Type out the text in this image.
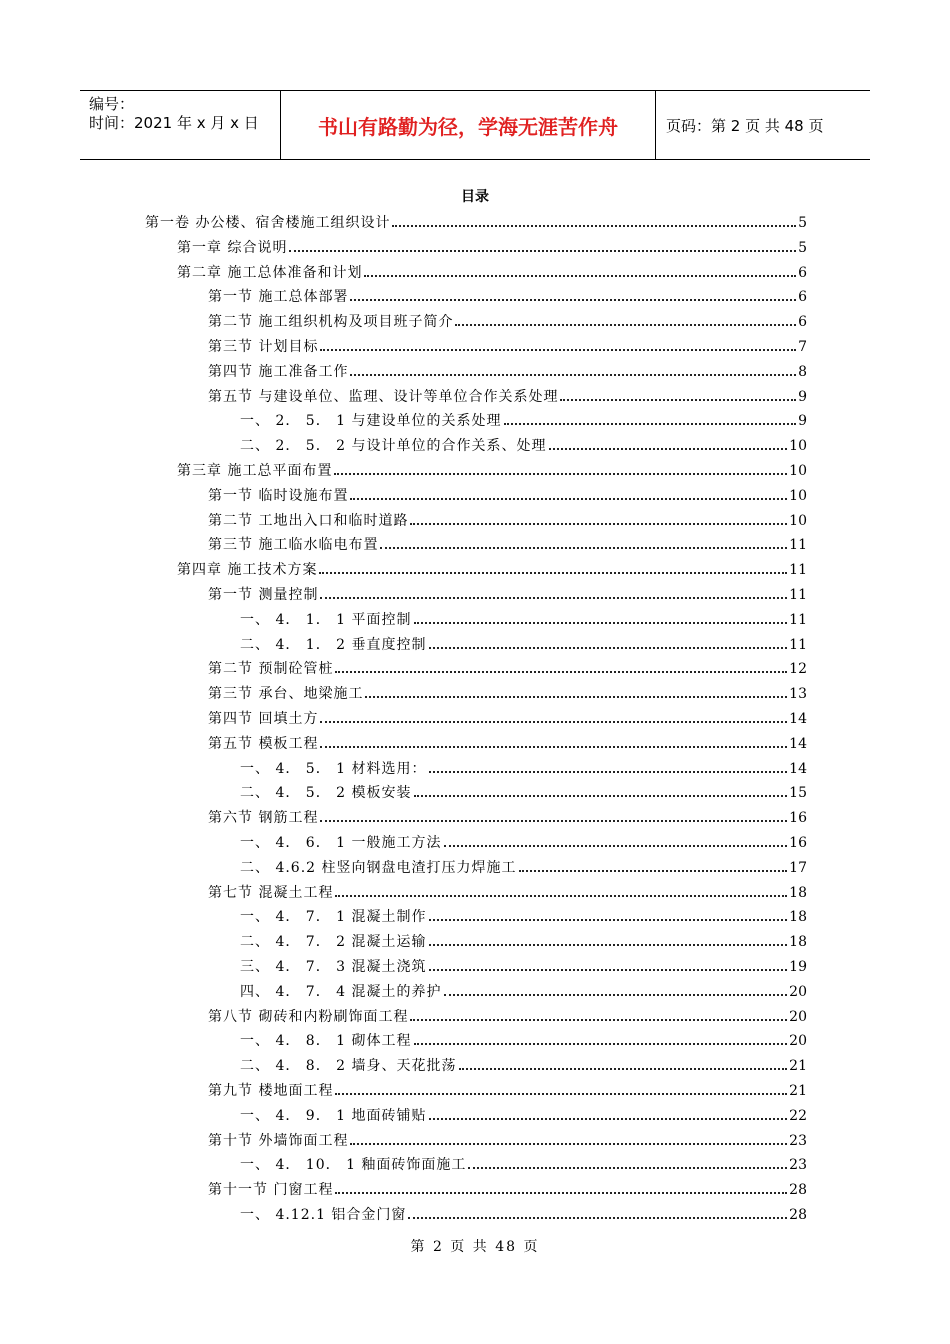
编号：
时间：2021 年 x 月 x 日	书山有路勤为径，学海无涯苦作舟	页码：第 2 页 共 48 页
目录
第一卷 办公楼、宿舍楼施工组织设计	5
第一章 综合说明	5
第二章 施工总体准备和计划	6
第一节 施工总体部署	6
第二节 施工组织机构及项目班子简介	6
第三节 计划目标	7
第四节 施工准备工作	8
第五节 与建设单位、监理、设计等单位合作关系处理	9
一、 2． 5． 1 与建设单位的关系处理	9
二、 2． 5． 2 与设计单位的合作关系、处理	10
第三章 施工总平面布置	10
第一节 临时设施布置	10
第二节 工地出入口和临时道路	10
第三节 施工临水临电布置	11
第四章 施工技术方案	11
第一节 测量控制	11
一、 4． 1． 1 平面控制	11
二、 4． 1． 2 垂直度控制	11
第二节 预制砼管桩	12
第三节 承台、地梁施工	13
第四节 回填土方	14
第五节 模板工程	14
一、 4． 5． 1 材料选用：	14
二、 4． 5． 2 模板安装	15
第六节 钢筋工程	16
一、 4． 6． 1 一般施工方法	16
二、 4.6.2 柱竖向钢盘电渣打压力焊施工	17
第七节 混凝土工程	18
一、 4． 7． 1 混凝土制作	18
二、 4． 7． 2 混凝土运输	18
三、 4． 7． 3 混凝土浇筑	19
四、 4． 7． 4 混凝土的养护	20
第八节 砌砖和内粉刷饰面工程	20
一、 4． 8． 1 砌体工程	20
二、 4． 8． 2 墙身、天花批荡	21
第九节 楼地面工程	21
一、 4． 9． 1 地面砖铺贴	22
第十节 外墙饰面工程	23
一、 4． 10． 1 釉面砖饰面施工	23
第十一节 门窗工程	28
一、 4.12.1 铝合金门窗	28
第 2 页 共 48 页
